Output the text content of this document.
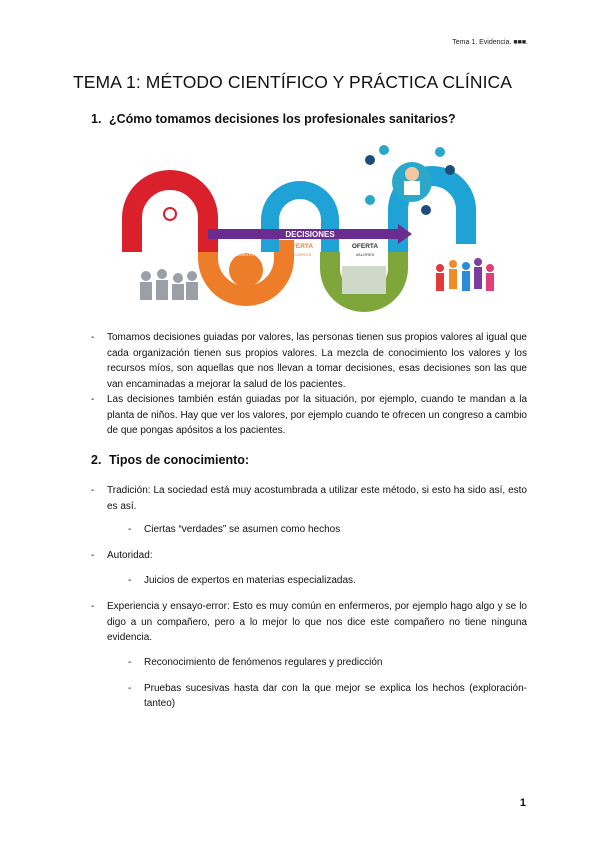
Tema 1. Evidencia. ■■■.
TEMA 1: MÉTODO CIENTÍFICO Y PRÁCTICA CLÍNICA
1. ¿Cómo tomamos decisiones los profesionales sanitarios?
DEMANDA
NECESIDAD
DECISIONES
OFERTA
CONOCIMIENTO
OFERTA
RECURSOS
OFERTA
VALORES
SALUD
- Tomamos decisiones guiadas por valores, las personas tienen sus propios valores al igual que cada organización tienen sus propios valores. La mezcla de conocimiento los valores y los recursos míos, son aquellas que nos llevan a tomar decisiones, esas decisiones son las que van encaminadas a mejorar la salud de los pacientes.
- Las decisiones también están guiadas por la situación, por ejemplo, cuando te mandan a la planta de niños. Hay que ver los valores, por ejemplo cuando te ofrecen un congreso a cambio de que pongas apósitos a los pacientes.
2. Tipos de conocimiento:
- Tradición: La sociedad está muy acostumbrada a utilizar este método, si esto ha sido así, esto es así.
- Ciertas “verdades” se asumen como hechos
- Autoridad:
- Juicios de expertos en materias especializadas.
- Experiencia y ensayo-error: Esto es muy común en enfermeros, por ejemplo hago algo y se lo digo a un compañero, pero a lo mejor lo que nos dice este compañero no tiene ninguna evidencia.
- Reconocimiento de fenómenos regulares y predicción
- Pruebas sucesivas hasta dar con la que mejor se explica los hechos (exploración-tanteo)
1
